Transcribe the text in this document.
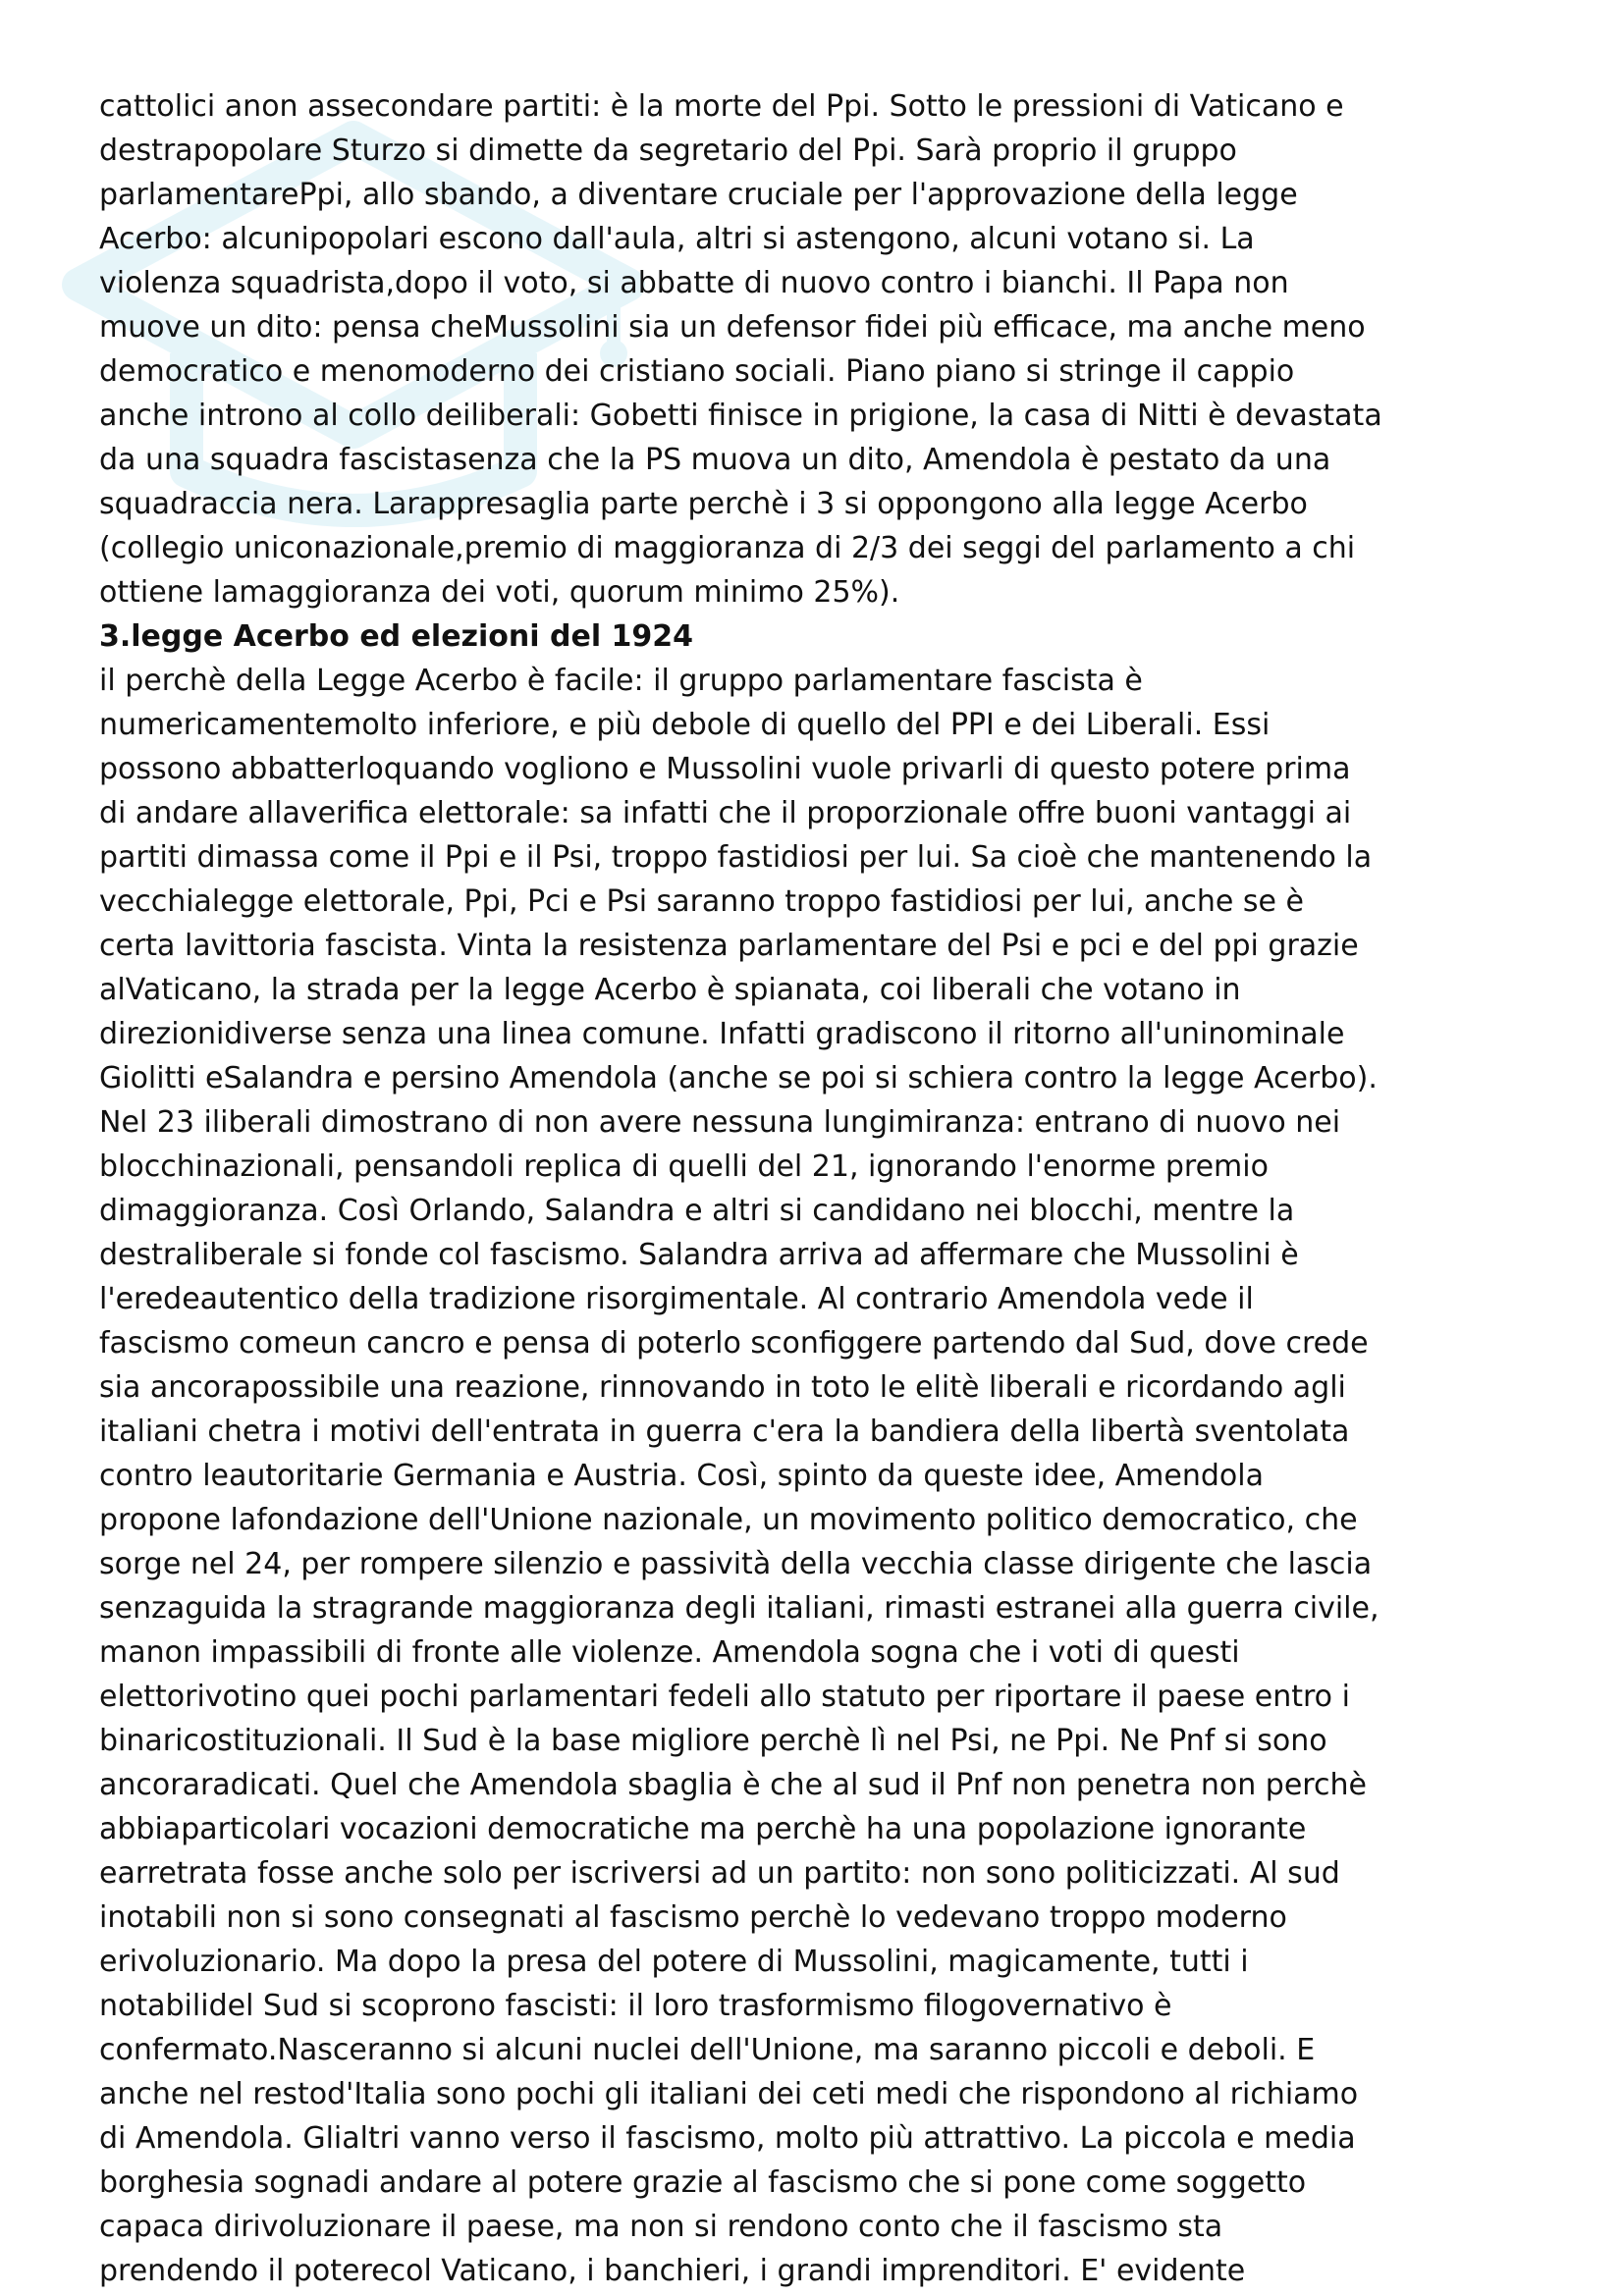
cattolici anon assecondare partiti: è la morte del Ppi. Sotto le pressioni di Vaticano e

destrapopolare Sturzo si dimette da segretario del Ppi. Sarà proprio il gruppo

parlamentarePpi, allo sbando, a diventare cruciale per l'approvazione della legge

Acerbo: alcunipopolari escono dall'aula, altri si astengono, alcuni votano si. La

violenza squadrista,dopo il voto, si abbatte di nuovo contro i bianchi. Il Papa non

muove un dito: pensa cheMussolini sia un defensor fidei più efficace, ma anche meno

democratico e menomoderno dei cristiano sociali. Piano piano si stringe il cappio

anche introno al collo deiliberali: Gobetti finisce in prigione, la casa di Nitti è devastata

da una squadra fascistasenza che la PS muova un dito, Amendola è pestato da una

squadraccia nera. Larappresaglia parte perchè i 3 si oppongono alla legge Acerbo

(collegio uniconazionale,premio di maggioranza di 2/3 dei seggi del parlamento a chi

ottiene lamaggioranza dei voti, quorum minimo 25%).

3.legge Acerbo ed elezioni del 1924

il perchè della Legge Acerbo è facile: il gruppo parlamentare fascista è

numericamentemolto inferiore, e più debole di quello del PPI e dei Liberali. Essi

possono abbatterloquando vogliono e Mussolini vuole privarli di questo potere prima

di andare allaverifica elettorale: sa infatti che il proporzionale offre buoni vantaggi ai

partiti dimassa come il Ppi e il Psi, troppo fastidiosi per lui. Sa cioè che mantenendo la

vecchialegge elettorale, Ppi, Pci e Psi saranno troppo fastidiosi per lui, anche se è

certa lavittoria fascista. Vinta la resistenza parlamentare del Psi e pci e del ppi grazie

alVaticano, la strada per la legge Acerbo è spianata, coi liberali che votano in

direzionidiverse senza una linea comune. Infatti gradiscono il ritorno all'uninominale

Giolitti eSalandra e persino Amendola (anche se poi si schiera contro la legge Acerbo).

Nel 23 iliberali dimostrano di non avere nessuna lungimiranza: entrano di nuovo nei

blocchinazionali, pensandoli replica di quelli del 21, ignorando l'enorme premio

dimaggioranza. Così Orlando, Salandra e altri si candidano nei blocchi, mentre la

destraliberale si fonde col fascismo. Salandra arriva ad affermare che Mussolini è

l'eredeautentico della tradizione risorgimentale. Al contrario Amendola vede il

fascismo comeun cancro e pensa di poterlo sconfiggere partendo dal Sud, dove crede

sia ancorapossibile una reazione, rinnovando in toto le elitè liberali e ricordando agli

italiani chetra i motivi dell'entrata in guerra c'era la bandiera della libertà sventolata

contro leautoritarie Germania e Austria. Così, spinto da queste idee, Amendola

propone lafondazione dell'Unione nazionale, un movimento politico democratico, che

sorge nel 24, per rompere silenzio e passività della vecchia classe dirigente che lascia

senzaguida la stragrande maggioranza degli italiani, rimasti estranei alla guerra civile,

manon impassibili di fronte alle violenze. Amendola sogna che i voti di questi

elettorivotino quei pochi parlamentari fedeli allo statuto per riportare il paese entro i

binaricostituzionali. Il Sud è la base migliore perchè lì nel Psi, ne Ppi. Ne Pnf si sono

ancoraradicati. Quel che Amendola sbaglia è che al sud il Pnf non penetra non perchè

abbiaparticolari vocazioni democratiche ma perchè ha una popolazione ignorante

earretrata fosse anche solo per iscriversi ad un partito: non sono politicizzati. Al sud

inotabili non si sono consegnati al fascismo perchè lo vedevano troppo moderno

erivoluzionario. Ma dopo la presa del potere di Mussolini, magicamente, tutti i

notabilidel Sud si scoprono fascisti: il loro trasformismo filogovernativo è

confermato.Nasceranno si alcuni nuclei dell'Unione, ma saranno piccoli e deboli. E

anche nel restod'Italia sono pochi gli italiani dei ceti medi che rispondono al richiamo

di Amendola. Glialtri vanno verso il fascismo, molto più attrattivo. La piccola e media

borghesia sognadi andare al potere grazie al fascismo che si pone come soggetto

capaca dirivoluzionare il paese, ma non si rendono conto che il fascismo sta

prendendo il poterecol Vaticano, i banchieri, i grandi imprenditori. E' evidente
